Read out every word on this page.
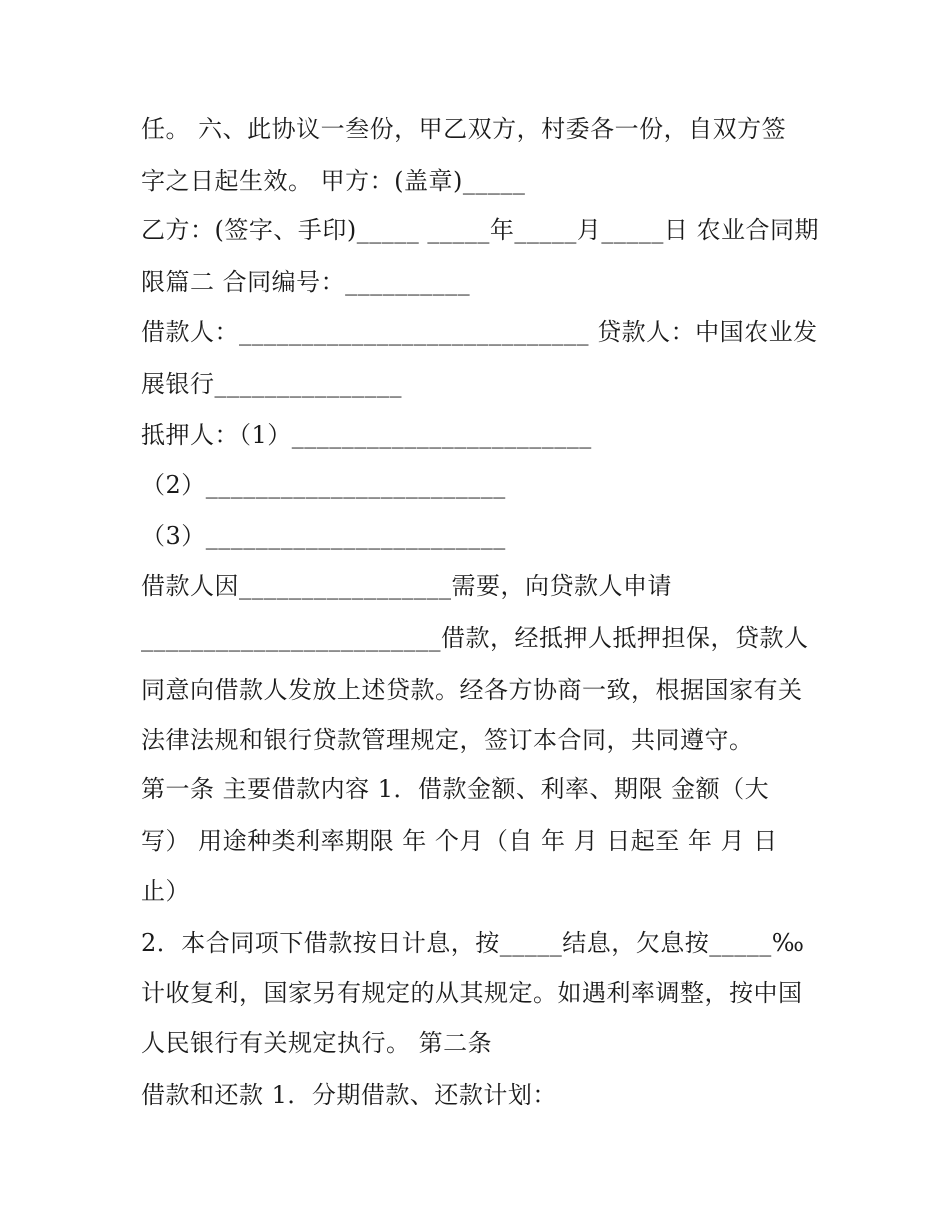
任。 六、此协议一叁份，甲乙双方，村委各一份，自双方签
字之日起生效。 甲方：(盖章)_____
乙方：(签字、手印)_____ _____年_____月_____日 农业合同期
限篇二 合同编号：__________
借款人：____________________________ 贷款人：中国农业发
展银行_______________
抵押人：（1）________________________
（2）________________________
（3）________________________
借款人因_________________需要，向贷款人申请
________________________借款，经抵押人抵押担保，贷款人
同意向借款人发放上述贷款。经各方协商一致，根据国家有关
法律法规和银行贷款管理规定，签订本合同，共同遵守。
第一条 主要借款内容 1．借款金额、利率、期限 金额（大
写） 用途种类利率期限 年 个月（自 年 月 日起至 年 月 日
止）
2．本合同项下借款按日计息，按_____结息，欠息按_____‰
计收复利，国家另有规定的从其规定。如遇利率调整，按中国
人民银行有关规定执行。 第二条
借款和还款 1．分期借款、还款计划：
